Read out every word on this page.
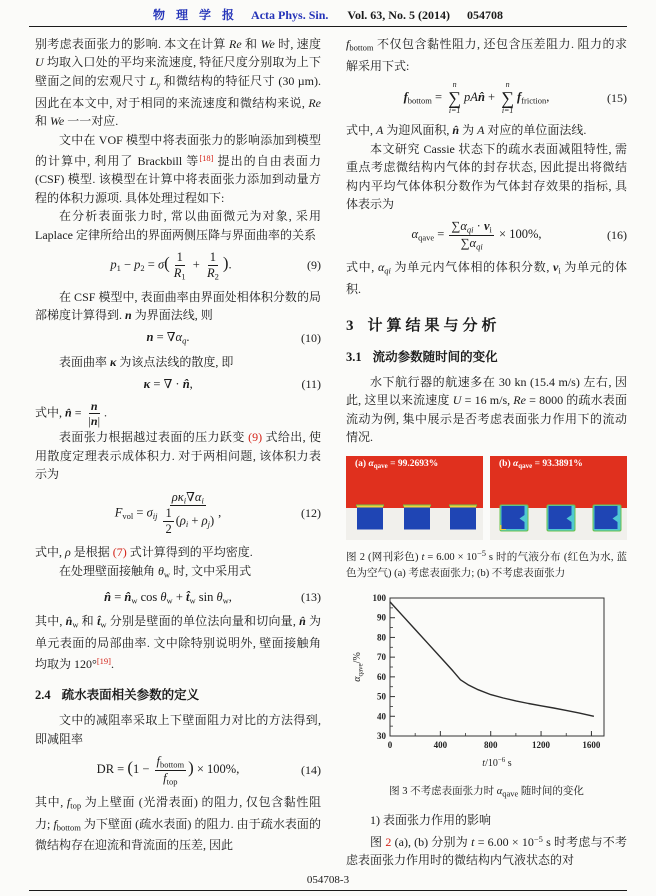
物 理 学 报 Acta Phys. Sin. Vol. 63, No. 5 (2014) 054708

别考虑表面张力的影响. 本文在计算 Re 和 We 时, 速度 U 均取入口处的平均来流速度, 特征尺度分别取为上下壁面之间的宏观尺寸 $L_y$ 和微结构的特征尺寸 (30 µm). 因此在本文中, 对于相同的来流速度和微结构来说, Re 和 We 一一对应.

文中在 VOF 模型中将表面张力的影响添加到模型的计算中, 利用了 Brackbill 等[18] 提出的自由表面力 (CSF) 模型. 该模型在计算中将表面张力添加到动量方程的体积力源项. 具体处理过程如下:

在分析表面张力时, 常以曲面微元为对象, 采用 Laplace 定律所给出的界面两侧压降与界面曲率的关系

$p_1 - p_2 = \sigma( \frac{1}{R_1} + \frac{1}{R_2}$ ).	(9)

在 CSF 模型中, 表面曲率由界面处相体积分数的局部梯度计算得到. n 为界面法线, 则

$n = \nabla\alpha_q$.	(10)

表面曲率 κ 为该点法线的散度, 即

κ = ∇ · n̂,	(11)

式中, n̂ = $\frac{n}{|n|}$ .

表面张力根据越过表面的压力跃变 (9) 式给出, 使用散度定理表示成体积力. 对于两相问题, 该体积力表示为

$F_{vol} = \sigma_{ij} \frac{\rho\kappa_i\nabla\alpha_i}{\frac{1}{2} (\rho_i + \rho_j)}$ ,	(12)

式中, ρ 是根据 (7) 式计算得到的平均密度.

在处理壁面接触角 $\theta_w$ 时, 文中采用式

n̂ = $n̂_w$ $\cos \theta_w$ + $t̂_w$ $\sin \theta_w$,	(13)

其中, $n̂_w$ 和 $t̂_w$ 分别是壁面的单位法向量和切向量, n̂ 为单元表面的局部曲率. 文中除特别说明外, 壁面接触角均取为 120°[19].

2.4 疏水表面相关参数的定义

文中的减阻率采取上下壁面阻力对比的方法得到, 即减阻率

DR = ($1 - \frac{f_{bottom}}{f_{top}}$ ) × 100%,	(14)

其中, $f_{top}$ 为上壁面 (光滑表面) 的阻力, 仅包含黏性阻力; $f_{bottom}$ 为下壁面 (疏水表面) 的阻力. 由于疏水表面的微结构存在迎流和背流面的压差, 因此

$f_{bottom}$ 不仅包含黏性阻力, 还包含压差阻力. 阻力的求解采用下式:

$f_{bottom}$ =
n
∑
i=1
pAn̂ +
n
∑
i=1
$f_{friction}$,	(15)

式中, A 为迎风面积, n̂ 为 A 对应的单位面法线.

本文研究 Cassie 状态下的疏水表面减阻特性, 需重点考虑微结构内气体的封存状态, 因此提出将微结构内平均气体体积分数作为气体封存效果的指标, 具体表示为

$\alpha_{qave} = \frac{\sum\alpha_{qi} \cdot v_i}{\sum\alpha_{qi}} \times 100\%$,	(16)

式中, $\alpha_{qi}$ 为单元内气体相的体积分数, $v_i$ 为单元的体积.

3 计算结果与分析
3.1 流动参数随时间的变化

水下航行器的航速多在 30 kn (15.4 m/s) 左右, 因此, 这里以来流速度 U = 16 m/s, Re = 8000 的疏水表面流动为例, 集中展示是否考虑表面张力作用下的流动情况.

(a) $\alpha_{qave} = 99.2693\%$	(b) $\alpha_{qave} = 93.3891\%$
图 2 (网刊彩色) $t = 6.00 \times 10^{-5}$ s 时的气液分布 (红色为水, 蓝色为空气) (a) 考虑表面张力; (b) 不考虑表面张力
0	400	800	1200	1600
30
40
50
60
70
80
90
100
$t/10^{-6}$ s
$\alpha_{qave}/\%$
图 3 不考虑表面张力时 $\alpha_{qave}$ 随时间的变化

1) 表面张力作用的影响

图 2 (a), (b) 分别为 $t = 6.00 \times 10^{-5}$ s 时考虑与不考虑表面张力作用时的微结构内气液状态的对

054708-3
